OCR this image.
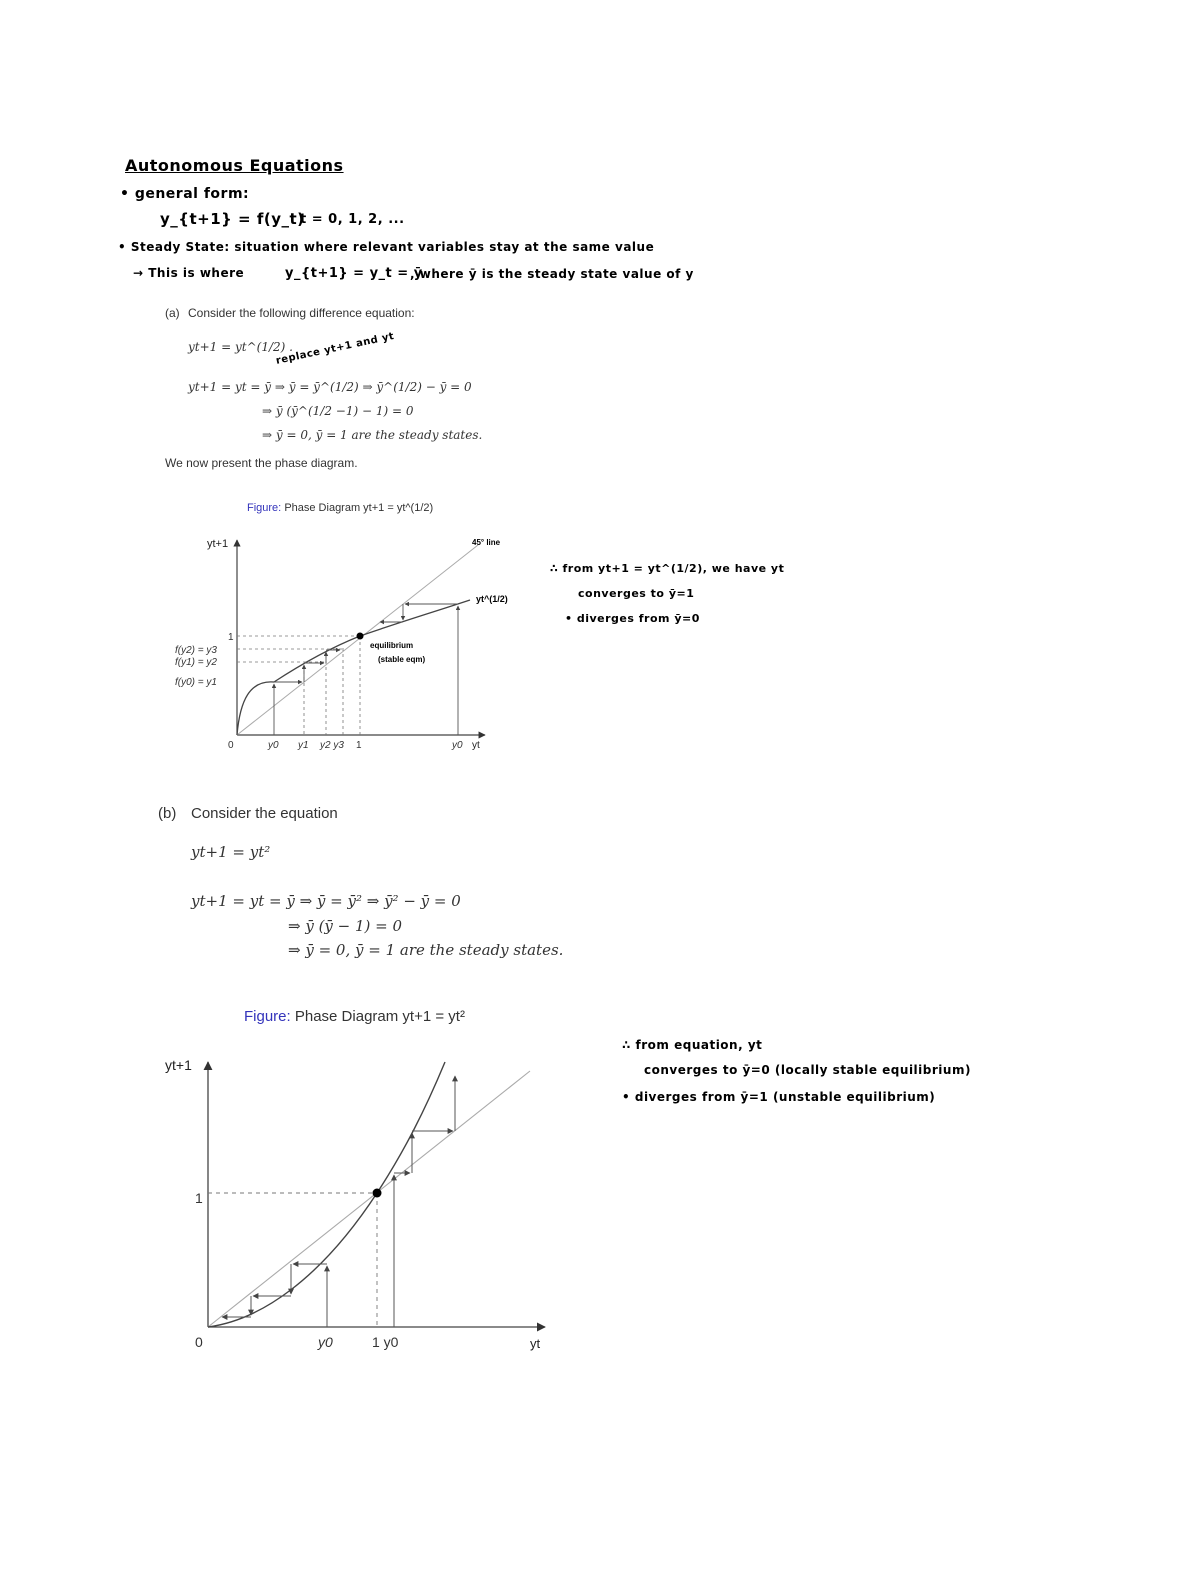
Autonomous Equations
• general form:
y_{t+1} = f(y_t)
t = 0, 1, 2, ...
• Steady State: situation where relevant variables stay at the same value
→ This is where	y_{t+1} = y_t = ȳ
, where ȳ is the steady state value of y
(a) Consider the following difference equation:
yt+1 = yt^(1/2) .
replace yt+1 and yt
yt+1 = yt = ȳ ⇒ ȳ = ȳ^(1/2) ⇒ ȳ^(1/2) − ȳ = 0
⇒ ȳ (ȳ^(1/2 −1) − 1) = 0
⇒ ȳ = 0, ȳ = 1 are the steady states.
We now present the phase diagram.
Figure: Phase Diagram yt+1 = yt^(1/2)
yt+1
yt
1
f(y2) = y3
f(y1) = y2
f(y0) = y1
0	y0 y1 y2 y3 1	y0
45° line
yt^(1/2)
equilibrium
(stable eqm)
∴ from yt+1 = yt^(1/2), we have yt
converges to ȳ=1
• diverges from ȳ=0
(b) Consider the equation
yt+1 = yt²
yt+1 = yt = ȳ ⇒ ȳ = ȳ² ⇒ ȳ² − ȳ = 0
⇒ ȳ (ȳ − 1) = 0
⇒ ȳ = 0, ȳ = 1 are the steady states.
Figure: Phase Diagram yt+1 = yt²
yt+1
yt
1
0	y0	1 y0
∴ from equation, yt
converges to ȳ=0 (locally stable equilibrium)
• diverges from ȳ=1 (unstable equilibrium)
